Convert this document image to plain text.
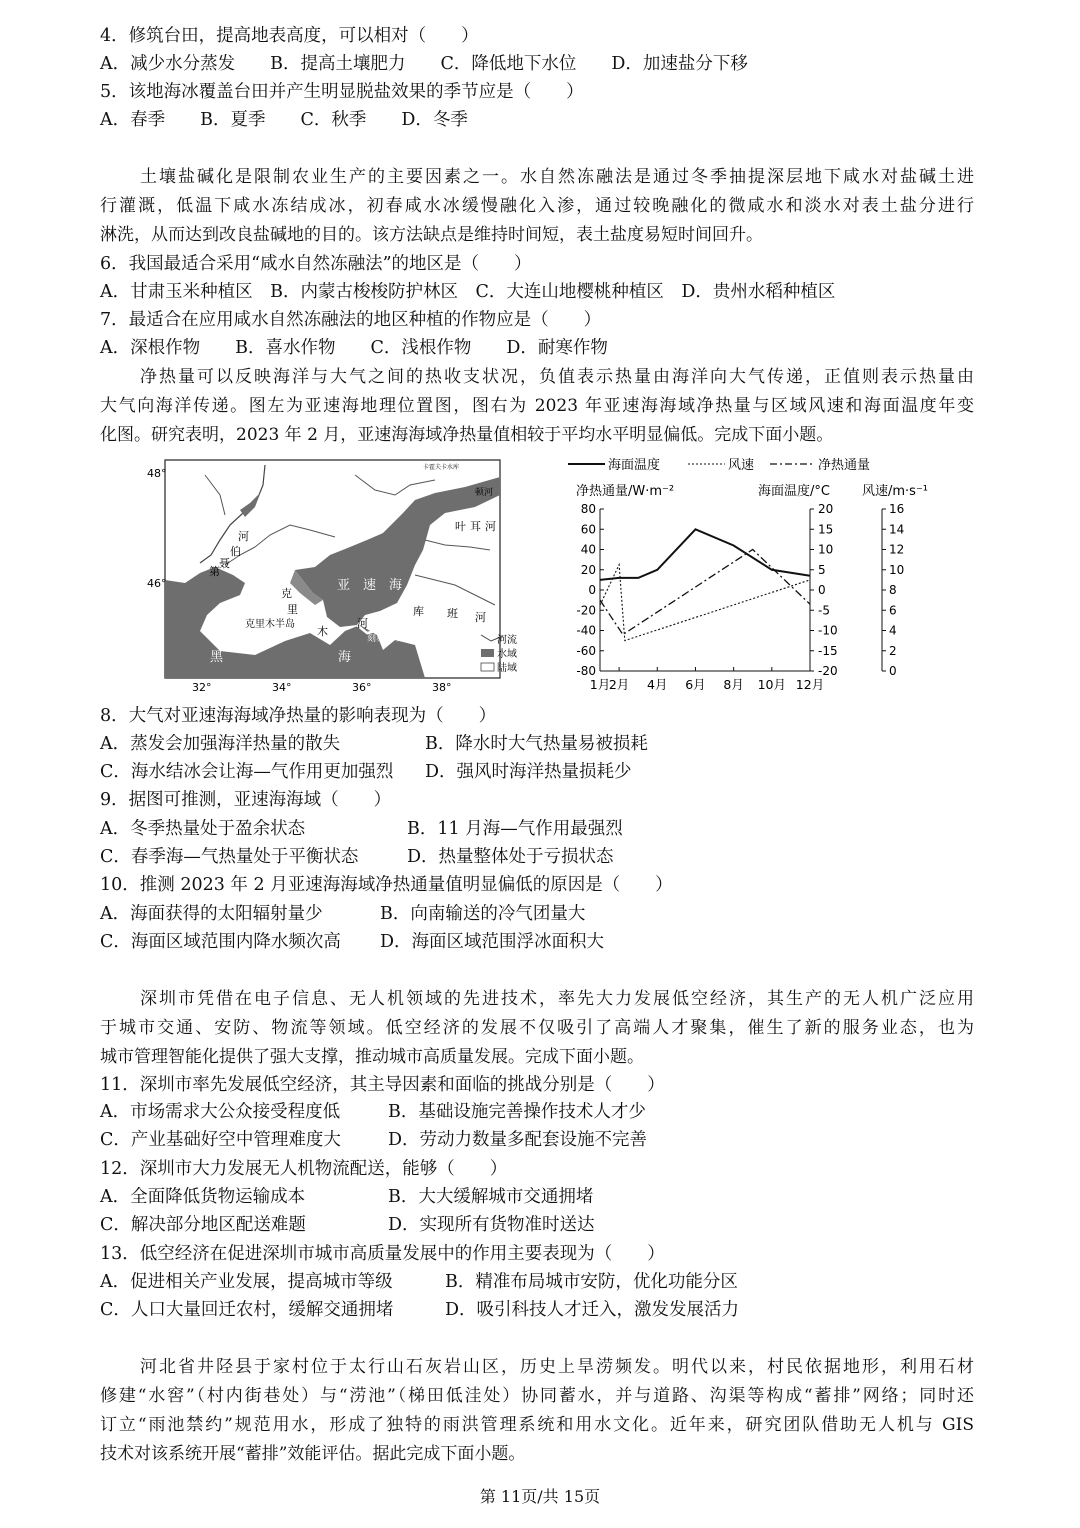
4．修筑台田，提高地表高度，可以相对（　　）
A．减少水分蒸发　　B．提高土壤肥力　　C．降低地下水位　　D．加速盐分下移
5．该地海冰覆盖台田并产生明显脱盐效果的季节应是（　　）
A．春季　　B．夏季　　C．秋季　　D．冬季
土壤盐碱化是限制农业生产的主要因素之一。水自然冻融法是通过冬季抽提深层地下咸水对盐碱土进
行灌溉，低温下咸水冻结成冰，初春咸水冰缓慢融化入渗，通过较晚融化的微咸水和淡水对表土盐分进行
淋洗，从而达到改良盐碱地的目的。该方法缺点是维持时间短，表土盐度易短时间回升。
6．我国最适合采用“咸水自然冻融法”的地区是（　　）
A．甘肃玉米种植区　B．内蒙古梭梭防护林区　C．大连山地樱桃种植区　D．贵州水稻种植区
7．最适合在应用咸水自然冻融法的地区种植的作物应是（　　）
A．深根作物　　B．喜水作物　　C．浅根作物　　D．耐寒作物
净热量可以反映海洋与大气之间的热收支状况，负值表示热量由海洋向大气传递，正值则表示热量由
大气向海洋传递。图左为亚速海地理位置图，图右为 2023 年亚速海海域净热量与区域风速和海面温度年变
化图。研究表明，2023 年 2 月，亚速海海域净热量值相较于平均水平明显偏低。完成下面小题。
河流
水域
陆域
48°
46°
32°	34°	36°	38°
河
伯
聂
第
亚 速 海
克
里
木
河
克里木半岛
刻赤海峡
库 班 河
黑	海
叶 耳 河
顿河
卡霍夫卡水库	海面温度	风速	净热通量
净热通量/W·m⁻²	海面温度/°C 风速/m·s⁻¹
80	20	16
60	15	14
40	10	12
20	5	10
0	0	8
-20	-5	6
-40	-10	4
-60	-15	2
-80	-20	0
1月
2月 4月 6月 8月 10月 12月
8．大气对亚速海海域净热量的影响表现为（　　）
A．蒸发会加强海洋热量的散失	B．降水时大气热量易被损耗
C．海水结冰会让海—气作用更加强烈 D．强风时海洋热量损耗少
9．据图可推测，亚速海海域（　　）
A．冬季热量处于盈余状态	B．11 月海—气作用最强烈
C．春季海—气热量处于平衡状态	D．热量整体处于亏损状态
10．推测 2023 年 2 月亚速海海域净热通量值明显偏低的原因是（　　）
A．海面获得的太阳辐射量少	B．向南输送的冷气团量大
C．海面区域范围内降水频次高 D．海面区域范围浮冰面积大
深圳市凭借在电子信息、无人机领域的先进技术，率先大力发展低空经济，其生产的无人机广泛应用
于城市交通、安防、物流等领域。低空经济的发展不仅吸引了高端人才聚集，催生了新的服务业态，也为
城市管理智能化提供了强大支撑，推动城市高质量发展。完成下面小题。
11．深圳市率先发展低空经济，其主导因素和面临的挑战分别是（　　）
A．市场需求大公众接受程度低	B．基础设施完善操作技术人才少
C．产业基础好空中管理难度大	D．劳动力数量多配套设施不完善
12．深圳市大力发展无人机物流配送，能够（　　）
A．全面降低货物运输成本	B．大大缓解城市交通拥堵
C．解决部分地区配送难题	D．实现所有货物准时送达
13．低空经济在促进深圳市城市高质量发展中的作用主要表现为（　　）
A．促进相关产业发展，提高城市等级	B．精准布局城市安防，优化功能分区
C．人口大量回迁农村，缓解交通拥堵	D．吸引科技人才迁入，激发发展活力
河北省井陉县于家村位于太行山石灰岩山区，历史上旱涝频发。明代以来，村民依据地形，利用石材
修建“水窖”（村内街巷处）与“涝池”（梯田低洼处）协同蓄水，并与道路、沟渠等构成“蓄排”网络；同时还
订立“雨池禁约”规范用水，形成了独特的雨洪管理系统和用水文化。近年来，研究团队借助无人机与 GIS
技术对该系统开展“蓄排”效能评估。据此完成下面小题。
第 11页/共 15页
